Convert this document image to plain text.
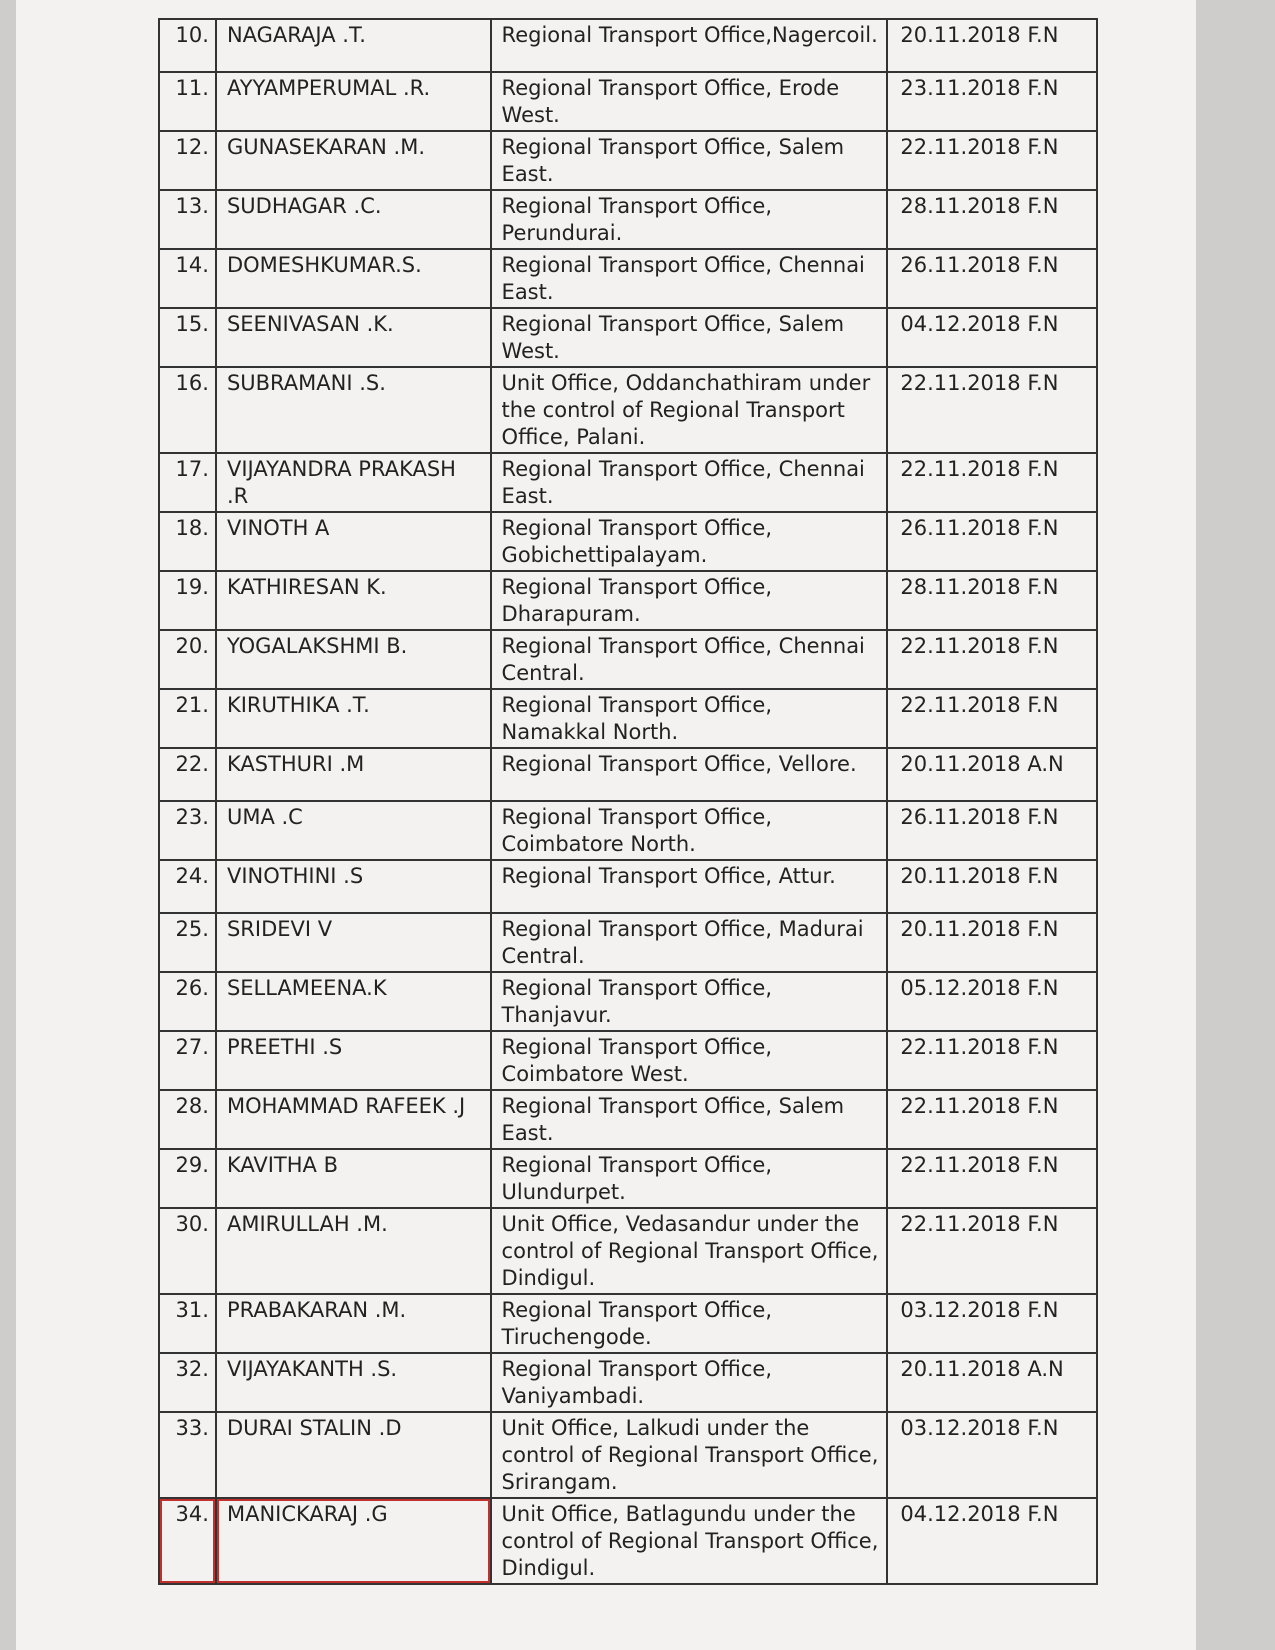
10.	NAGARAJA .T.	Regional Transport Office,Nagercoil.	20.11.2018 F.N
11.	AYYAMPERUMAL .R.	Regional Transport Office, Erode West.	23.11.2018 F.N
12.	GUNASEKARAN .M.	Regional Transport Office, Salem East.	22.11.2018 F.N
13.	SUDHAGAR .C.	Regional Transport Office, Perundurai.	28.11.2018 F.N
14.	DOMESHKUMAR.S.	Regional Transport Office, Chennai East.	26.11.2018 F.N
15.	SEENIVASAN .K.	Regional Transport Office, Salem West.	04.12.2018 F.N
16.	SUBRAMANI .S.	Unit Office, Oddanchathiram under the control of Regional Transport Office, Palani.	22.11.2018 F.N
17.	VIJAYANDRA PRAKASH .R	Regional Transport Office, Chennai East.	22.11.2018 F.N
18.	VINOTH A	Regional Transport Office, Gobichettipalayam.	26.11.2018 F.N
19.	KATHIRESAN K.	Regional Transport Office, Dharapuram.	28.11.2018 F.N
20.	YOGALAKSHMI B.	Regional Transport Office, Chennai Central.	22.11.2018 F.N
21.	KIRUTHIKA .T.	Regional Transport Office, Namakkal North.	22.11.2018 F.N
22.	KASTHURI .M	Regional Transport Office, Vellore.	20.11.2018 A.N
23.	UMA .C	Regional Transport Office, Coimbatore North.	26.11.2018 F.N
24.	VINOTHINI .S	Regional Transport Office, Attur.	20.11.2018 F.N
25.	SRIDEVI V	Regional Transport Office, Madurai Central.	20.11.2018 F.N
26.	SELLAMEENA.K	Regional Transport Office, Thanjavur.	05.12.2018 F.N
27.	PREETHI .S	Regional Transport Office, Coimbatore West.	22.11.2018 F.N
28.	MOHAMMAD RAFEEK .J	Regional Transport Office, Salem East.	22.11.2018 F.N
29.	KAVITHA B	Regional Transport Office, Ulundurpet.	22.11.2018 F.N
30.	AMIRULLAH .M.	Unit Office, Vedasandur under the control of Regional Transport Office, Dindigul.	22.11.2018 F.N
31.	PRABAKARAN .M.	Regional Transport Office, Tiruchengode.	03.12.2018 F.N
32.	VIJAYAKANTH .S.	Regional Transport Office, Vaniyambadi.	20.11.2018 A.N
33.	DURAI STALIN .D	Unit Office, Lalkudi under the control of Regional Transport Office, Srirangam.	03.12.2018 F.N
34.	MANICKARAJ .G	Unit Office, Batlagundu under the control of Regional Transport Office, Dindigul.	04.12.2018 F.N
